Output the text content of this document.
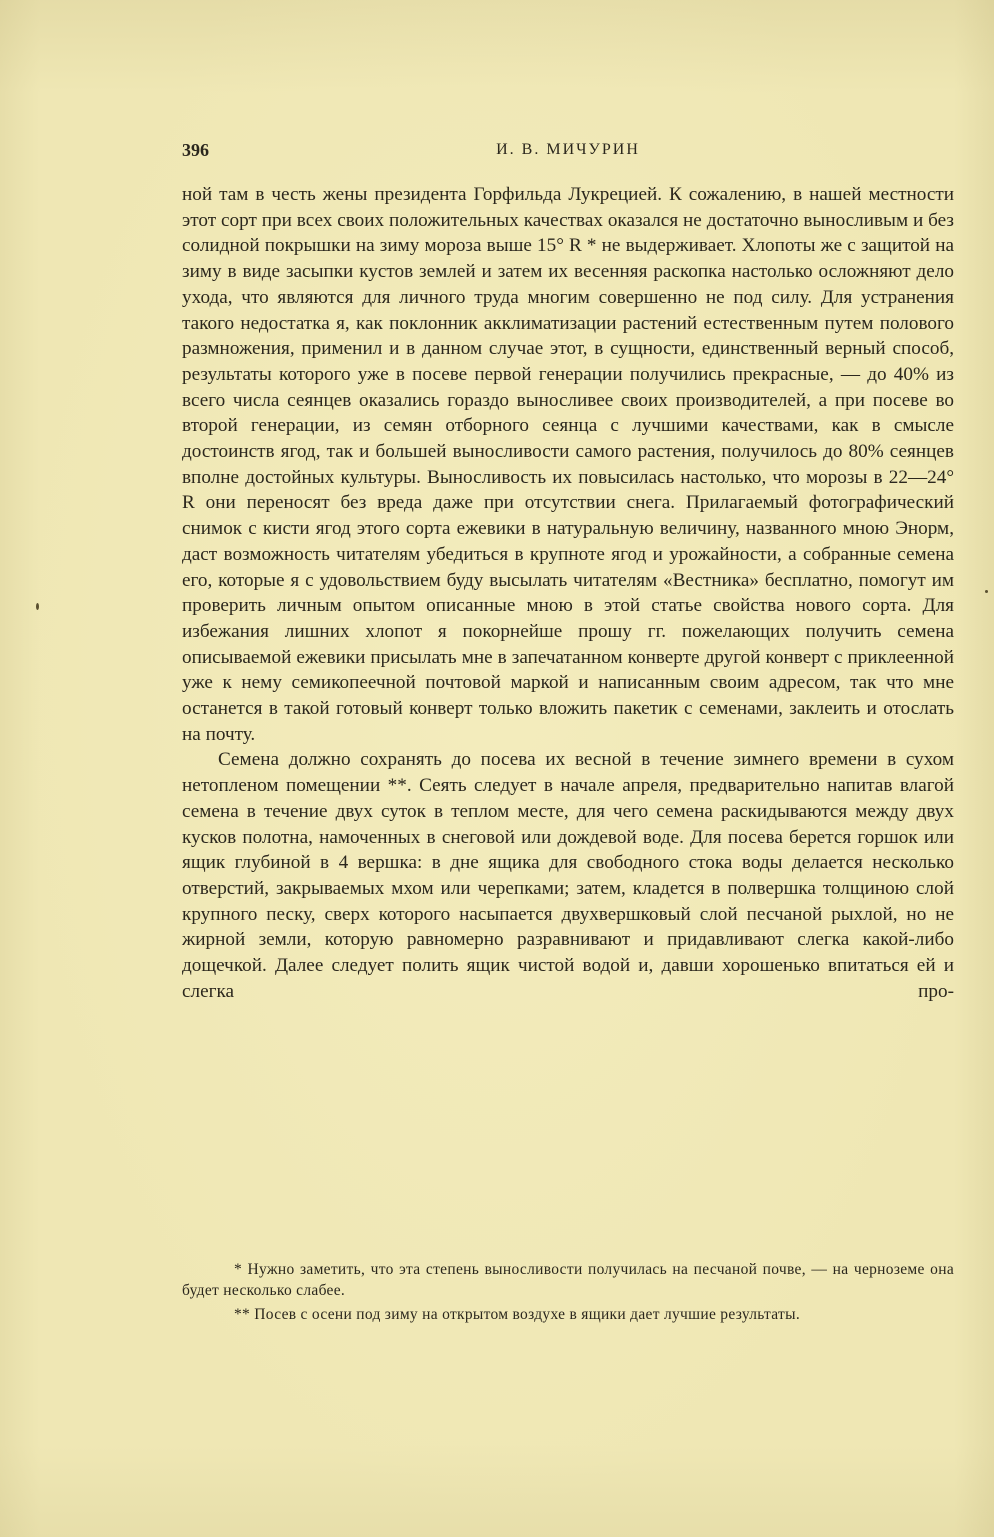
396	И. В. МИЧУРИН

ной там в честь жены президента Горфильда Лукрецией. К сожалению, в нашей местности этот сорт при всех своих положительных качествах оказался не достаточно выносливым и без солидной покрышки на зиму мороза выше 15° R * не выдерживает. Хлопоты же с защитой на зиму в виде засыпки кустов землей и затем их весенняя раскопка настолько осложняют дело ухода, что являются для личного труда многим совершенно не под силу. Для устранения такого недостатка я, как поклонник акклиматизации растений естественным путем полового размножения, применил и в данном случае этот, в сущности, единственный верный способ, результаты которого уже в посеве первой генерации получились прекрасные, — до 40% из всего числа сеянцев оказались гораздо выносливее своих производителей, а при посеве во второй генерации, из семян отборного сеянца с лучшими качествами, как в смысле достоинств ягод, так и большей выносливости самого растения, получилось до 80% сеянцев вполне достойных культуры. Выносливость их повысилась настолько, что морозы в 22—24° R они переносят без вреда даже при отсутствии снега. Прилагаемый фотографический снимок с кисти ягод этого сорта ежевики в натуральную величину, названного мною Энорм, даст возможность читателям убедиться в крупноте ягод и урожайности, а собранные семена его, которые я с удовольствием буду высылать читателям «Вестника» бесплатно, помогут им проверить личным опытом описанные мною в этой статье свойства нового сорта. Для избежания лишних хлопот я покорнейше прошу гг. пожелающих получить семена описываемой ежевики присылать мне в запечатанном конверте другой конверт с приклеенной уже к нему семикопеечной почтовой маркой и написанным своим адресом, так что мне останется в такой готовый конверт только вложить пакетик с семенами, заклеить и отослать на почту.

Семена должно сохранять до посева их весной в течение зимнего времени в сухом нетопленом помещении **. Сеять следует в начале апреля, предварительно напитав влагой семена в течение двух суток в теплом месте, для чего семена раскидываются между двух кусков полотна, намоченных в снеговой или дождевой воде. Для посева берется горшок или ящик глубиной в 4 вершка: в дне ящика для свободного стока воды делается несколько отверстий, закрываемых мхом или черепками; затем, кладется в полвершка толщиною слой крупного песку, сверх которого насыпается двухвершковый слой песчаной рыхлой, но не жирной земли, которую равномерно разравнивают и придавливают слегка какой-либо дощечкой. Далее следует полить ящик чистой водой и, давши хорошенько впитаться ей и слегка про-

* Нужно заметить, что эта степень выносливости получилась на песчаной почве, — на черноземе она будет несколько слабее.

** Посев с осени под зиму на открытом воздухе в ящики дает лучшие результаты.
